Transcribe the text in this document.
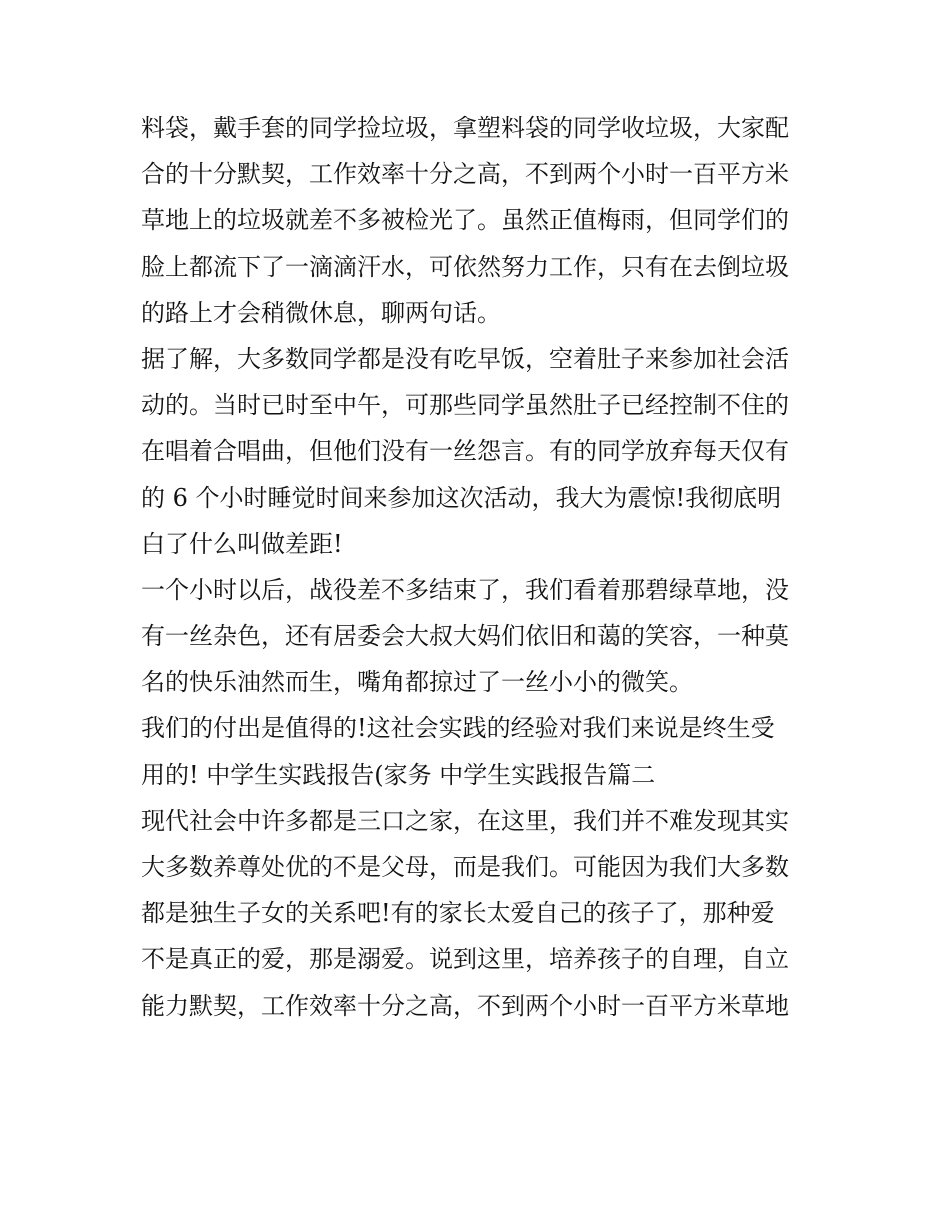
料袋，戴手套的同学捡垃圾，拿塑料袋的同学收垃圾，大家配
合的十分默契，工作效率十分之高，不到两个小时一百平方米
草地上的垃圾就差不多被检光了。虽然正值梅雨，但同学们的
脸上都流下了一滴滴汗水，可依然努力工作，只有在去倒垃圾
的路上才会稍微休息，聊两句话。
据了解，大多数同学都是没有吃早饭，空着肚子来参加社会活
动的。当时已时至中午，可那些同学虽然肚子已经控制不住的
在唱着合唱曲，但他们没有一丝怨言。有的同学放弃每天仅有
的 6 个小时睡觉时间来参加这次活动，我大为震惊!我彻底明
白了什么叫做差距!
一个小时以后，战役差不多结束了，我们看着那碧绿草地，没
有一丝杂色，还有居委会大叔大妈们依旧和蔼的笑容，一种莫
名的快乐油然而生，嘴角都掠过了一丝小小的微笑。
我们的付出是值得的!这社会实践的经验对我们来说是终生受
用的! 中学生实践报告(家务 中学生实践报告篇二
现代社会中许多都是三口之家，在这里，我们并不难发现其实
大多数养尊处优的不是父母，而是我们。可能因为我们大多数
都是独生子女的关系吧!有的家长太爱自己的孩子了，那种爱
不是真正的爱，那是溺爱。说到这里，培养孩子的自理，自立
能力默契，工作效率十分之高，不到两个小时一百平方米草地
